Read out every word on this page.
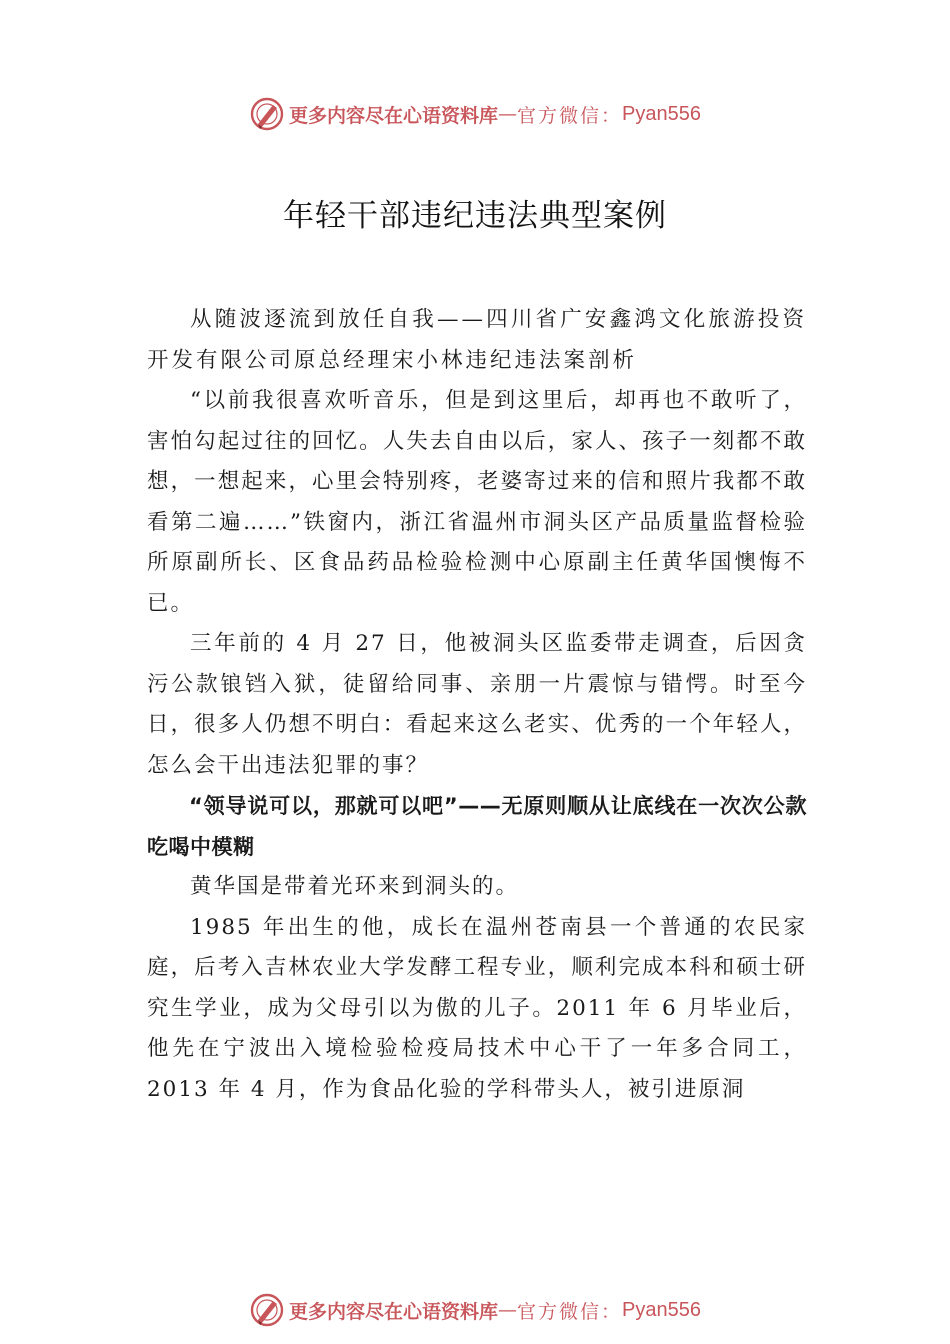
更多内容尽在心语资料库 — 官方微信： Pyan556
年轻干部违纪违法典型案例

从随波逐流到放任自我——四川省广安鑫鸿文化旅游投资开发有限公司原总经理宋小林违纪违法案剖析

“以前我很喜欢听音乐，但是到这里后，却再也不敢听了，害怕勾起过往的回忆。人失去自由以后，家人、孩子一刻都不敢想，一想起来，心里会特别疼，老婆寄过来的信和照片我都不敢看第二遍……”铁窗内，浙江省温州市洞头区产品质量监督检验所原副所长、区食品药品检验检测中心原副主任黄华国懊悔不已。

三年前的 4 月 27 日，他被洞头区监委带走调查，后因贪污公款锒铛入狱，徒留给同事、亲朋一片震惊与错愕。时至今日，很多人仍想不明白：看起来这么老实、优秀的一个年轻人，怎么会干出违法犯罪的事？

“领导说可以，那就可以吧”——无原则顺从让底线在一次次公款吃喝中模糊

黄华国是带着光环来到洞头的。

1985 年出生的他，成长在温州苍南县一个普通的农民家庭，后考入吉林农业大学发酵工程专业，顺利完成本科和硕士研究生学业，成为父母引以为傲的儿子。2011 年 6 月毕业后，他先在宁波出入境检验检疫局技术中心干了一年多合同工，2013 年 4 月，作为食品化验的学科带头人，被引进原洞

更多内容尽在心语资料库 — 官方微信： Pyan556
